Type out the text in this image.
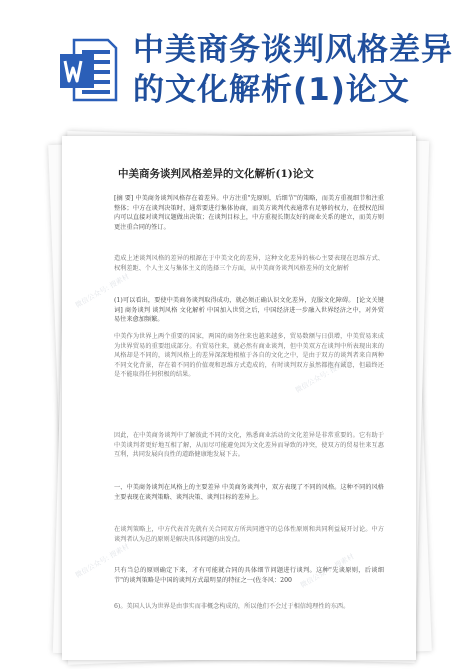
中美商务谈判风格差异
的文化解析(1)论文
微信公众号: 搜素材
微信公众号: 搜素材
微信公众号: 搜素材	微信公众号: 搜素材
中美商务谈判风格差异的文化解析(1)论文
[摘 要] 中美商务谈判风格存在着差异。中方注重"先原则，后细节"的策略，而美方重视细节和注重整体；中方在谈判决策时，通常要进行集体协商，而美方谈判代表通常有足够的权力，在授权范围内可以直接对谈判议题做出决策；在谈判目标上，中方重视长期友好的商业关系的建立，而美方则更注重合同的签订。
造成上述谈判风格的差异的根源在于中美文化的差异，这种文化差异的核心主要表现在思维方式、权利差距、个人主义与集体主义的选择三个方面，从中美商务谈判风格差异的文化解析
(1)可以看出，要使中美商务谈判取得成功，就必须正确认识文化差异，克服文化障碍。 [论文关键词] 商务谈判 谈判风格 文化解析 中国加入世贸之后，中国经济进一步融入世界经济之中，对外贸易往来愈加频繁。
中美作为世界上两个重要的国家，两国的商务往来也越来越多，贸易数额与日俱增，中美贸易来成为世界贸易的重要组成部分。有贸易往来，就必然有商业谈判，但中美双方在谈判中所表现出来的风格却是不同的，谈判风格上的差异深深地根植于各自的文化之中，是由于双方的谈判者来自两种不同文化背景，存在着不同的价值观和思维方式造成的，有时谈判双方虽然都抱有诚意，但最终还是不能取得任何积极的结果。
因此，在中美商务谈判中了解彼此不同的文化，熟悉商业活动的文化差异是非常重要的。它有助于中美谈判者更好地互相了解，从而尽可能避免因为文化差异而导致的冲突，使双方的贸易往来互惠互利，共同发展向良性的道路健康地发展下去。
一、中美商务谈判在风格上的主要差异 中美商务谈判中，双方表现了不同的风格。这种不同的风格主要表现在谈判策略、谈判决策、谈判目标的差异上。
在谈判策略上，中方代表首先就有关合同双方所共同遵守的总体性原则和共同利益展开讨论。中方谈判者认为总的原则是解决具体问题的出发点。
只有当总的原则确定下来，才有可能就合同的具体细节问题进行谈判。这种"先谈原则，后谈细节"的谈判策略是中国的谈判方式最明显的特征之一(佐冬风：200
6)。美国人认为世界是由事实而非概念构成的，所以他们不会过于相信纯理性的东西。
